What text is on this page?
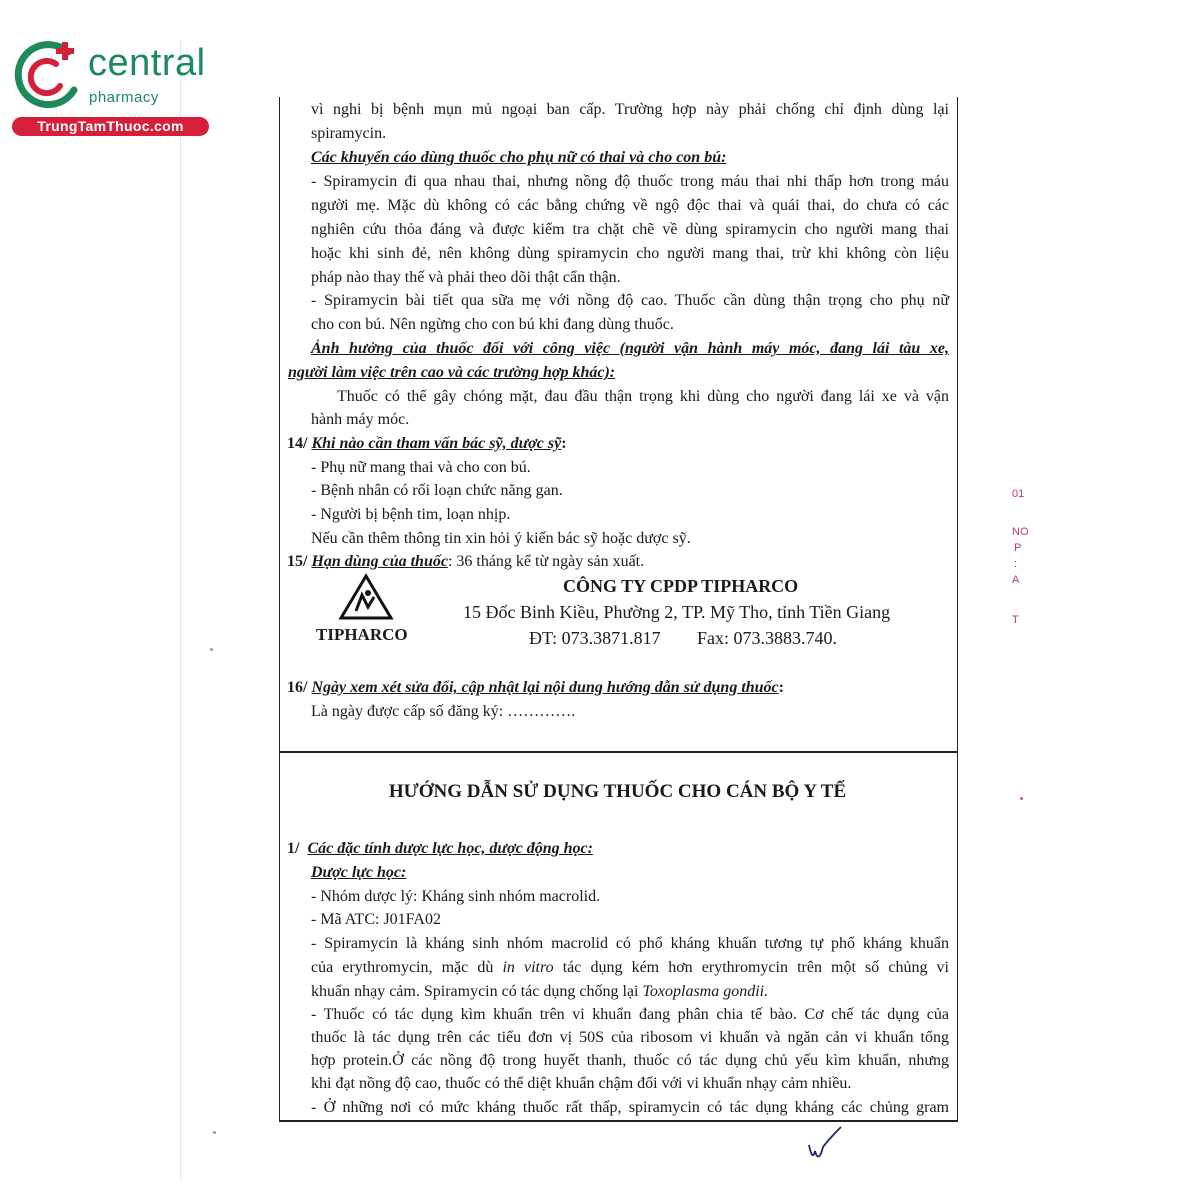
central
pharmacy
TrungTamThuoc.com
vì nghi bị bệnh mụn mủ ngoại ban cấp. Trường hợp này phải chống chỉ định dùng lại
spiramycin.
Các khuyến cáo dùng thuốc cho phụ nữ có thai và cho con bú:
- Spiramycin đi qua nhau thai, nhưng nồng độ thuốc trong máu thai nhi thấp hơn trong máu
người mẹ. Mặc dù không có các bằng chứng về ngộ độc thai và quái thai, do chưa có các
nghiên cứu thỏa đáng và được kiểm tra chặt chẽ về dùng spiramycin cho người mang thai
hoặc khi sinh đẻ, nên không dùng spiramycin cho người mang thai, trừ khi không còn liệu
pháp nào thay thế và phải theo dõi thật cẩn thận.
- Spiramycin bài tiết qua sữa mẹ với nồng độ cao. Thuốc cần dùng thận trọng cho phụ nữ
cho con bú. Nên ngừng cho con bú khi đang dùng thuốc.
Ảnh hưởng của thuốc đối với công việc (người vận hành máy móc, đang lái tàu xe,
người làm việc trên cao và các trường hợp khác):
Thuốc có thể gây chóng mặt, đau đầu thận trọng khi dùng cho người đang lái xe và vận
hành máy móc.
14/ Khi nào cần tham vấn bác sỹ, dược sỹ:
- Phụ nữ mang thai và cho con bú.
- Bệnh nhân có rối loạn chức năng gan.
- Người bị bệnh tim, loạn nhịp.
Nếu cần thêm thông tin xin hỏi ý kiến bác sỹ hoặc dược sỹ.
15/ Hạn dùng của thuốc: 36 tháng kể từ ngày sản xuất.
TIPHARCO
CÔNG TY CPDP TIPHARCO
15 Đốc Binh Kiều, Phường 2, TP. Mỹ Tho, tỉnh Tiền Giang
ĐT: 073.3871.817 Fax: 073.3883.740.
16/ Ngày xem xét sửa đổi, cập nhật lại nội dung hướng dẫn sử dụng thuốc:
Là ngày được cấp số đăng ký: ………….
HƯỚNG DẪN SỬ DỤNG THUỐC CHO CÁN BỘ Y TẾ
1/ Các đặc tính dược lực học, dược động học:
Dược lực học:
- Nhóm dược lý: Kháng sinh nhóm macrolid.
- Mã ATC: J01FA02
- Spiramycin là kháng sinh nhóm macrolid có phổ kháng khuẩn tương tự phổ kháng khuẩn
của erythromycin, mặc dù in vitro tác dụng kém hơn erythromycin trên một số chủng vi
khuẩn nhạy cảm. Spiramycin có tác dụng chống lại Toxoplasma gondii.
- Thuốc có tác dụng kìm khuẩn trên vi khuẩn đang phân chia tế bào. Cơ chế tác dụng của
thuốc là tác dụng trên các tiểu đơn vị 50S của ribosom vi khuẩn và ngăn cản vi khuẩn tổng
hợp protein.Ở các nồng độ trong huyết thanh, thuốc có tác dụng chủ yếu kìm khuẩn, nhưng
khi đạt nồng độ cao, thuốc có thể diệt khuẩn chậm đối với vi khuẩn nhạy cảm nhiều.
- Ở những nơi có mức kháng thuốc rất thấp, spiramycin có tác dụng kháng các chủng gram
01
NO
P
:
A
T
